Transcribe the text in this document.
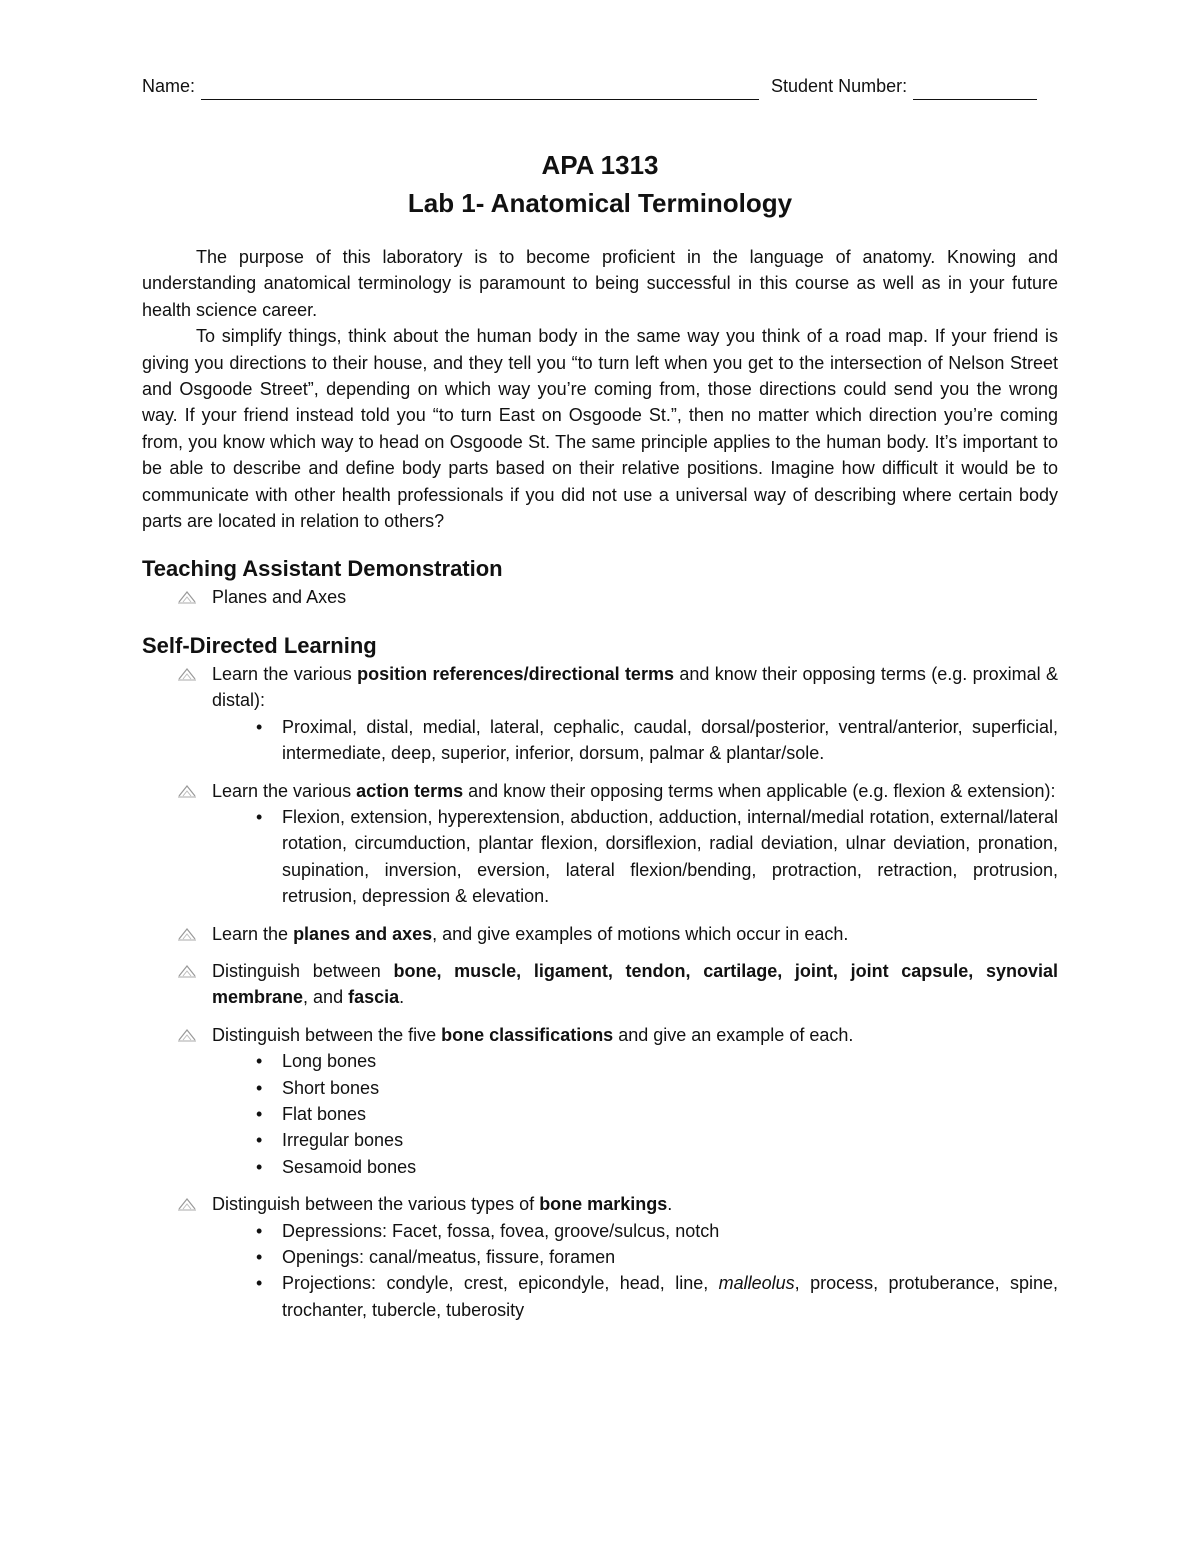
Name:	Student Number:
APA 1313
Lab 1- Anatomical Terminology

The purpose of this laboratory is to become proficient in the language of anatomy. Knowing and understanding anatomical terminology is paramount to being successful in this course as well as in your future health science career.

To simplify things, think about the human body in the same way you think of a road map. If your friend is giving you directions to their house, and they tell you “to turn left when you get to the intersection of Nelson Street and Osgoode Street”, depending on which way you’re coming from, those directions could send you the wrong way. If your friend instead told you “to turn East on Osgoode St.”, then no matter which direction you’re coming from, you know which way to head on Osgoode St. The same principle applies to the human body. It’s important to be able to describe and define body parts based on their relative positions. Imagine how difficult it would be to communicate with other health professionals if you did not use a universal way of describing where certain body parts are located in relation to others?

Teaching Assistant Demonstration
Planes and Axes
Self-Directed Learning
Learn the various position references/directional terms and know their opposing terms (e.g. proximal & distal):
• Proximal, distal, medial, lateral, cephalic, caudal, dorsal/posterior, ventral/anterior, superficial, intermediate, deep, superior, inferior, dorsum, palmar & plantar/sole.
Learn the various action terms and know their opposing terms when applicable (e.g. flexion & extension):
• Flexion, extension, hyperextension, abduction, adduction, internal/medial rotation, external/lateral rotation, circumduction, plantar flexion, dorsiflexion, radial deviation, ulnar deviation, pronation, supination, inversion, eversion, lateral flexion/bending, protraction, retraction, protrusion, retrusion, depression & elevation.
Learn the planes and axes, and give examples of motions which occur in each.
Distinguish between bone, muscle, ligament, tendon, cartilage, joint, joint capsule, synovial membrane, and fascia.
Distinguish between the five bone classifications and give an example of each.
• Long bones
• Short bones
• Flat bones
• Irregular bones
• Sesamoid bones
Distinguish between the various types of bone markings.
• Depressions: Facet, fossa, fovea, groove/sulcus, notch
• Openings: canal/meatus, fissure, foramen
• Projections: condyle, crest, epicondyle, head, line, malleolus, process, protuberance, spine, trochanter, tubercle, tuberosity
